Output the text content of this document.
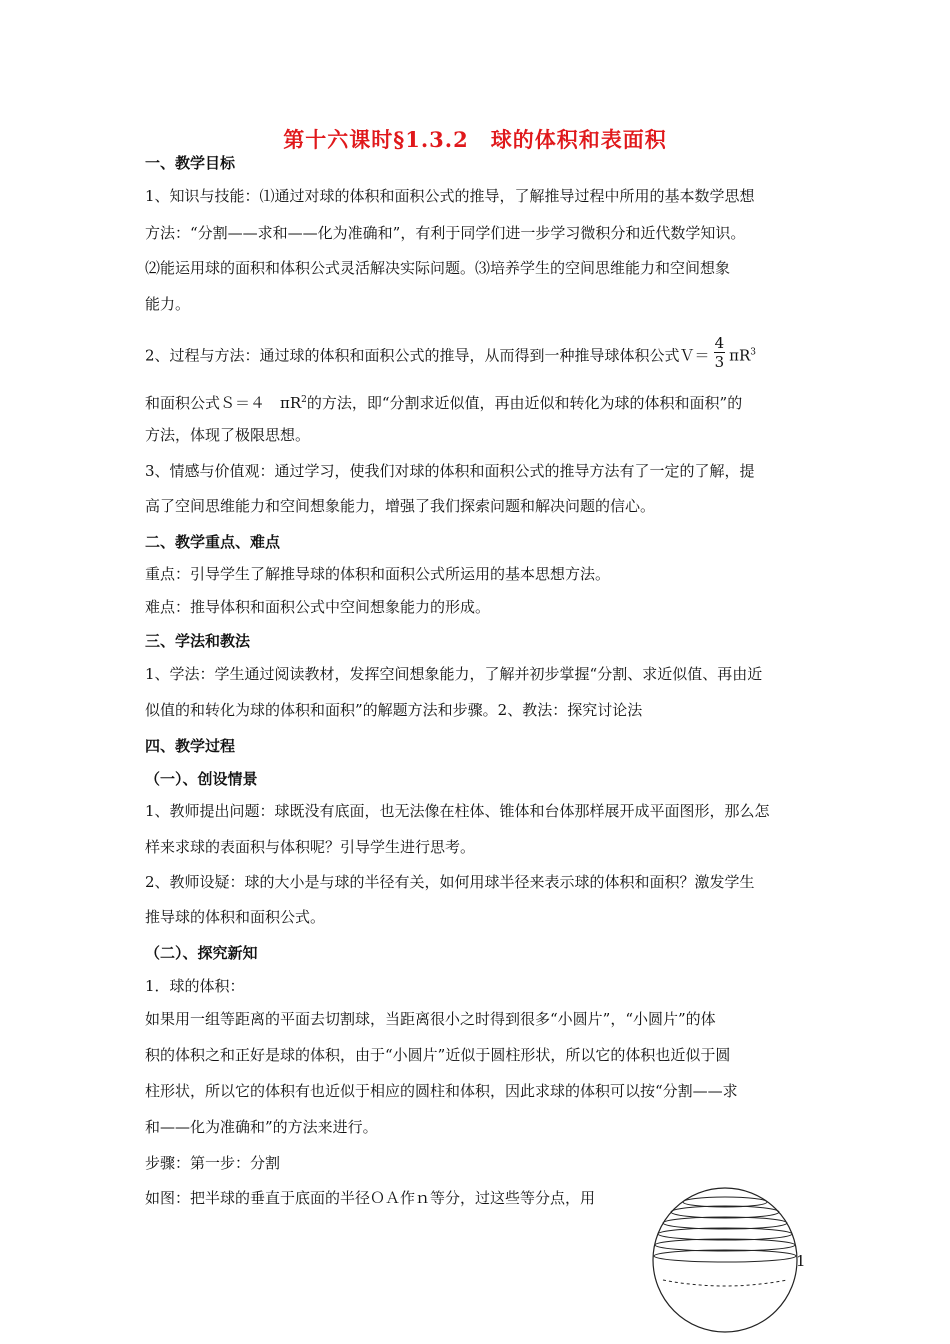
第十六课时§1.3.2　球的体积和表面积
一、教学目标
1、知识与技能：⑴通过对球的体积和面积公式的推导，了解推导过程中所用的基本数学思想
方法：“分割——求和——化为准确和”，有利于同学们进一步学习微积分和近代数学知识。
⑵能运用球的面积和体积公式灵活解决实际问题。⑶培养学生的空间思维能力和空间想象
能力。
2、过程与方法：通过球的体积和面积公式的推导，从而得到一种推导球体积公式Ｖ＝ $\frac{4}{3} \pi R^3$
和面积公式Ｓ＝４　$\pi R^2$的方法，即“分割求近似值，再由近似和转化为球的体积和面积”的
方法，体现了极限思想。
3、情感与价值观：通过学习，使我们对球的体积和面积公式的推导方法有了一定的了解，提
高了空间思维能力和空间想象能力，增强了我们探索问题和解决问题的信心。
二、教学重点、难点
重点：引导学生了解推导球的体积和面积公式所运用的基本思想方法。
难点：推导体积和面积公式中空间想象能力的形成。
三、学法和教法
1、学法：学生通过阅读教材，发挥空间想象能力，了解并初步掌握“分割、求近似值、再由近
似值的和转化为球的体积和面积”的解题方法和步骤。2、教法：探究讨论法
四、教学过程
（一）、创设情景
1、教师提出问题：球既没有底面，也无法像在柱体、锥体和台体那样展开成平面图形，那么怎
样来求球的表面积与体积呢？引导学生进行思考。
2、教师设疑：球的大小是与球的半径有关，如何用球半径来表示球的体积和面积？激发学生
推导球的体积和面积公式。
（二）、探究新知
1．球的体积：
如果用一组等距离的平面去切割球，当距离很小之时得到很多“小圆片”，“小圆片”的体
积的体积之和正好是球的体积，由于“小圆片”近似于圆柱形状，所以它的体积也近似于圆
柱形状，所以它的体积有也近似于相应的圆柱和体积，因此求球的体积可以按“分割——求
和——化为准确和”的方法来进行。
步骤：第一步：分割
如图：把半球的垂直于底面的半径ＯＡ作ｎ等分，过这些等分点，用
1
